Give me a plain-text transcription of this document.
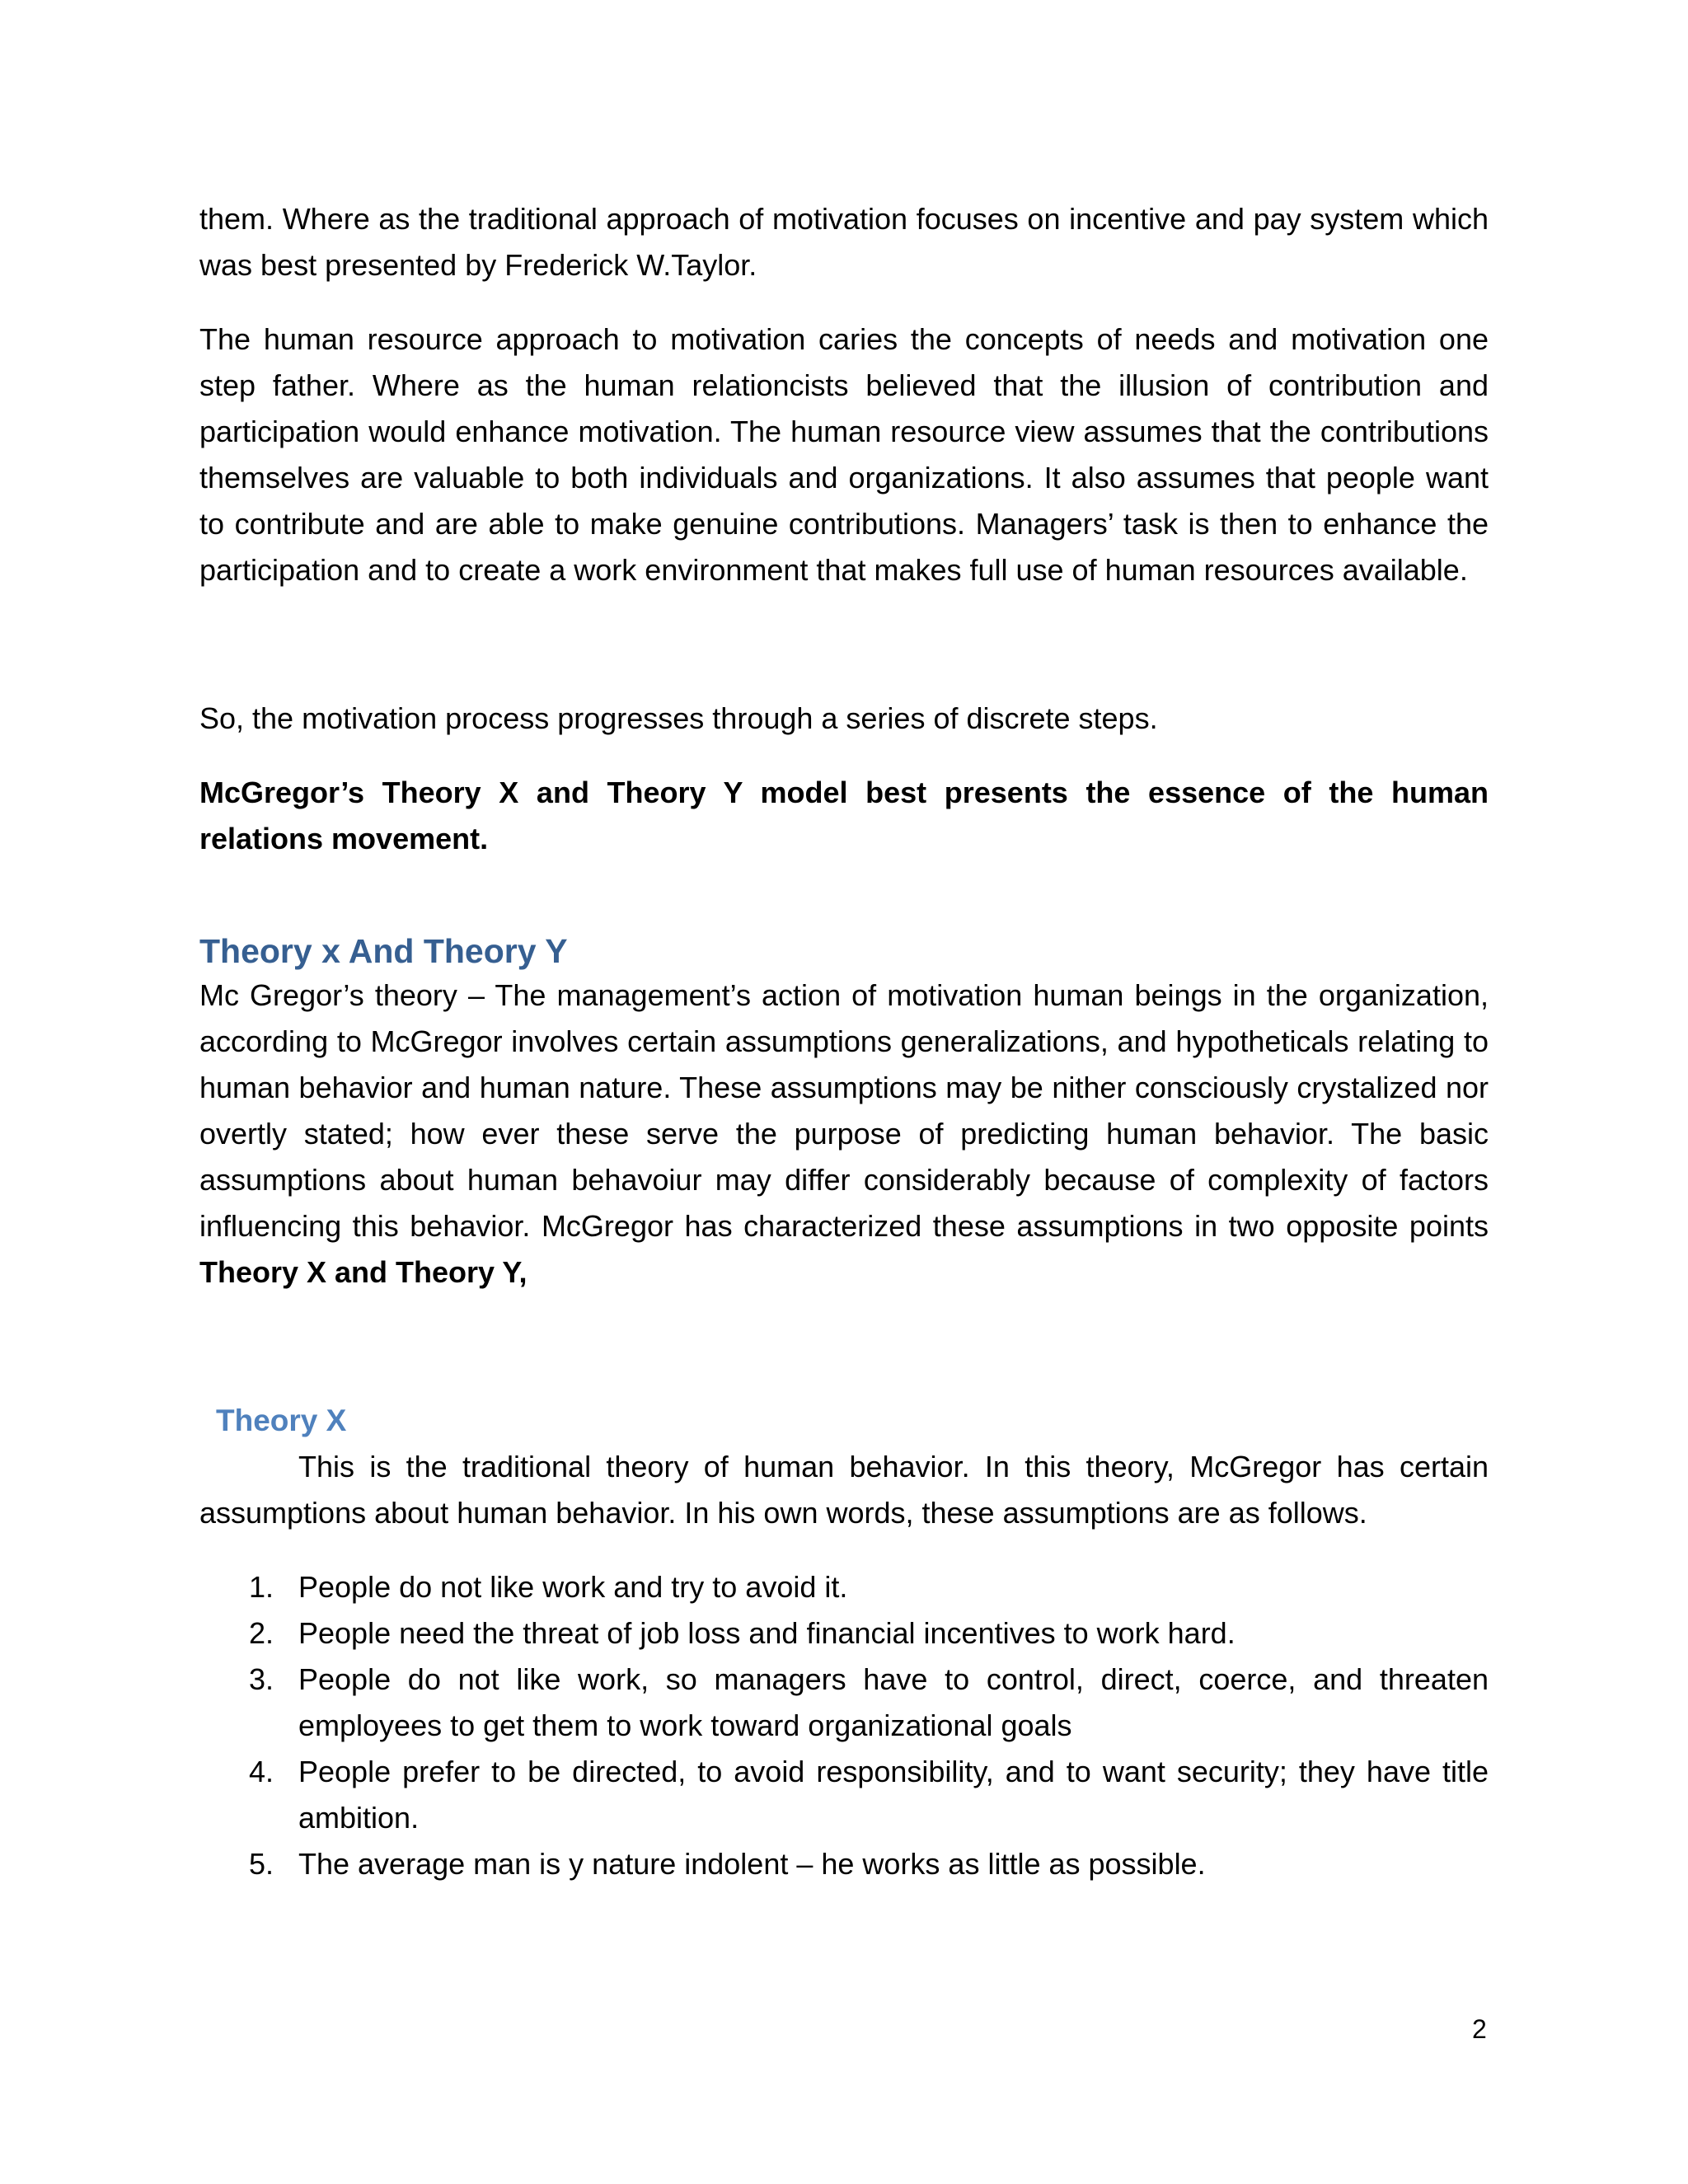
them. Where as the traditional approach of motivation focuses on incentive and pay system which was best presented by Frederick W.Taylor.

The human resource approach to motivation caries the concepts of needs and motivation one step father. Where as the human relationcists believed that the illusion of contribution and participation would enhance motivation. The human resource view assumes that the contributions themselves are valuable to both individuals and organizations. It also assumes that people want to contribute and are able to make genuine contributions. Managers’ task is then to enhance the participation and to create a work environment that makes full use of human resources available.

So, the motivation process progresses through a series of discrete steps.

McGregor’s Theory X and Theory Y model best presents the essence of the human relations movement.

Theory x And Theory Y

Mc Gregor’s theory – The management’s action of motivation human beings in the organization, according to McGregor involves certain assumptions generalizations, and hypotheticals relating to human behavior and human nature. These assumptions may be nither consciously crystalized nor overtly stated; how ever these serve the purpose of predicting human behavior. The basic assumptions about human behavoiur may differ considerably because of complexity of factors influencing this behavior. McGregor has characterized these assumptions in two opposite points Theory X and Theory Y,

Theory X

This is the traditional theory of human behavior. In this theory, McGregor has certain assumptions about human behavior. In his own words, these assumptions are as follows.

1. People do not like work and try to avoid it.
2. People need the threat of job loss and financial incentives to work hard.
3. People do not like work, so managers have to control, direct, coerce, and threaten employees to get them to work toward organizational goals
4. People prefer to be directed, to avoid responsibility, and to want security; they have title ambition.
5. The average man is y nature indolent – he works as little as possible.
2
